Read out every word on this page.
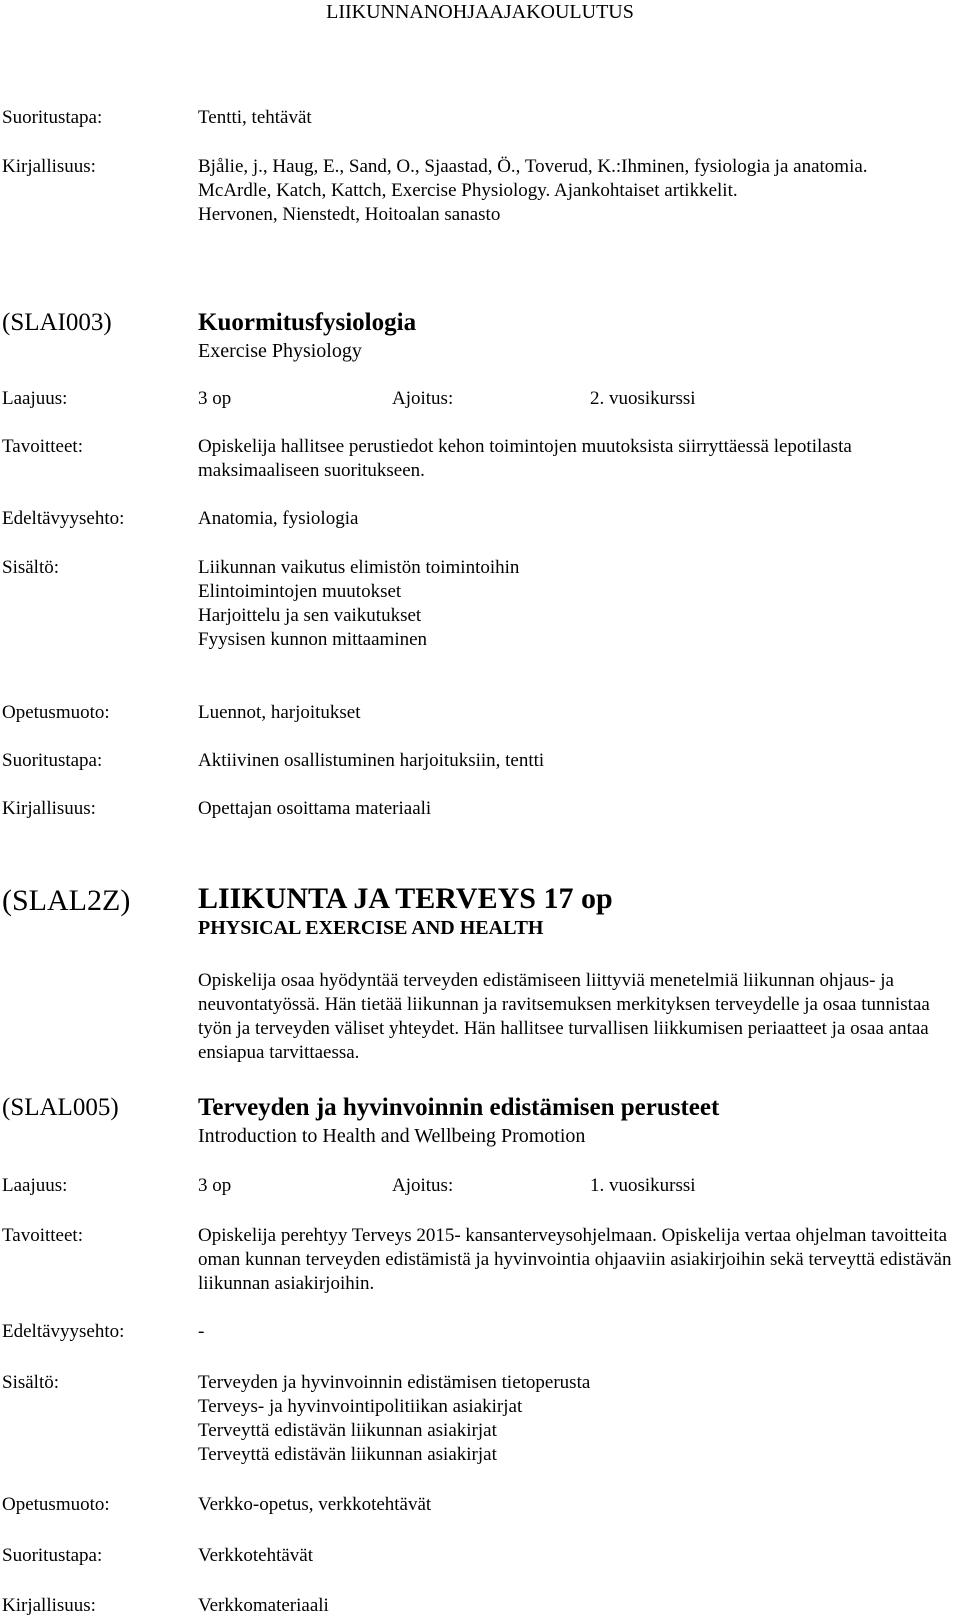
LIIKUNNANOHJAAJAKOULUTUS
Suoritustapa:	Tentti, tehtävät
Kirjallisuus:	Bjålie, j., Haug, E., Sand, O., Sjaastad, Ö., Toverud, K.:Ihminen, fysiologia ja anatomia.
McArdle, Katch, Kattch, Exercise Physiology. Ajankohtaiset artikkelit.
Hervonen, Nienstedt, Hoitoalan sanasto
(SLAI003)	Kuormitusfysiologia
Exercise Physiology
Laajuus:	3 op	Ajoitus:	2. vuosikurssi
Tavoitteet:	Opiskelija hallitsee perustiedot kehon toimintojen muutoksista siirryttäessä lepotilasta maksimaaliseen suoritukseen.
Edeltävyysehto:	Anatomia, fysiologia
Sisältö:	Liikunnan vaikutus elimistön toimintoihin
Elintoimintojen muutokset
Harjoittelu ja sen vaikutukset
Fyysisen kunnon mittaaminen
Opetusmuoto:	Luennot, harjoitukset
Suoritustapa:	Aktiivinen osallistuminen harjoituksiin, tentti
Kirjallisuus:	Opettajan osoittama materiaali
(SLAL2Z) LIIKUNTA JA TERVEYS 17 op
PHYSICAL EXERCISE AND HEALTH
Opiskelija osaa hyödyntää terveyden edistämiseen liittyviä menetelmiä liikunnan ohjaus- ja neuvontatyössä. Hän tietää liikunnan ja ravitsemuksen merkityksen terveydelle ja osaa tunnistaa työn ja terveyden väliset yhteydet. Hän hallitsee turvallisen liikkumisen periaatteet ja osaa antaa ensiapua tarvittaessa.
(SLAL005)	Terveyden ja hyvinvoinnin edistämisen perusteet
Introduction to Health and Wellbeing Promotion
Laajuus:	3 op	Ajoitus:	1. vuosikurssi
Tavoitteet:	Opiskelija perehtyy Terveys 2015- kansanterveysohjelmaan. Opiskelija vertaa ohjelman tavoitteita oman kunnan terveyden edistämistä ja hyvinvointia ohjaaviin asiakirjoihin sekä terveyttä edistävän liikunnan asiakirjoihin.
Edeltävyysehto:	-
Sisältö:	Terveyden ja hyvinvoinnin edistämisen tietoperusta
Terveys- ja hyvinvointipolitiikan asiakirjat
Terveyttä edistävän liikunnan asiakirjat
Terveyttä edistävän liikunnan asiakirjat
Opetusmuoto:	Verkko-opetus, verkkotehtävät
Suoritustapa:	Verkkotehtävät
Kirjallisuus:	Verkkomateriaali
